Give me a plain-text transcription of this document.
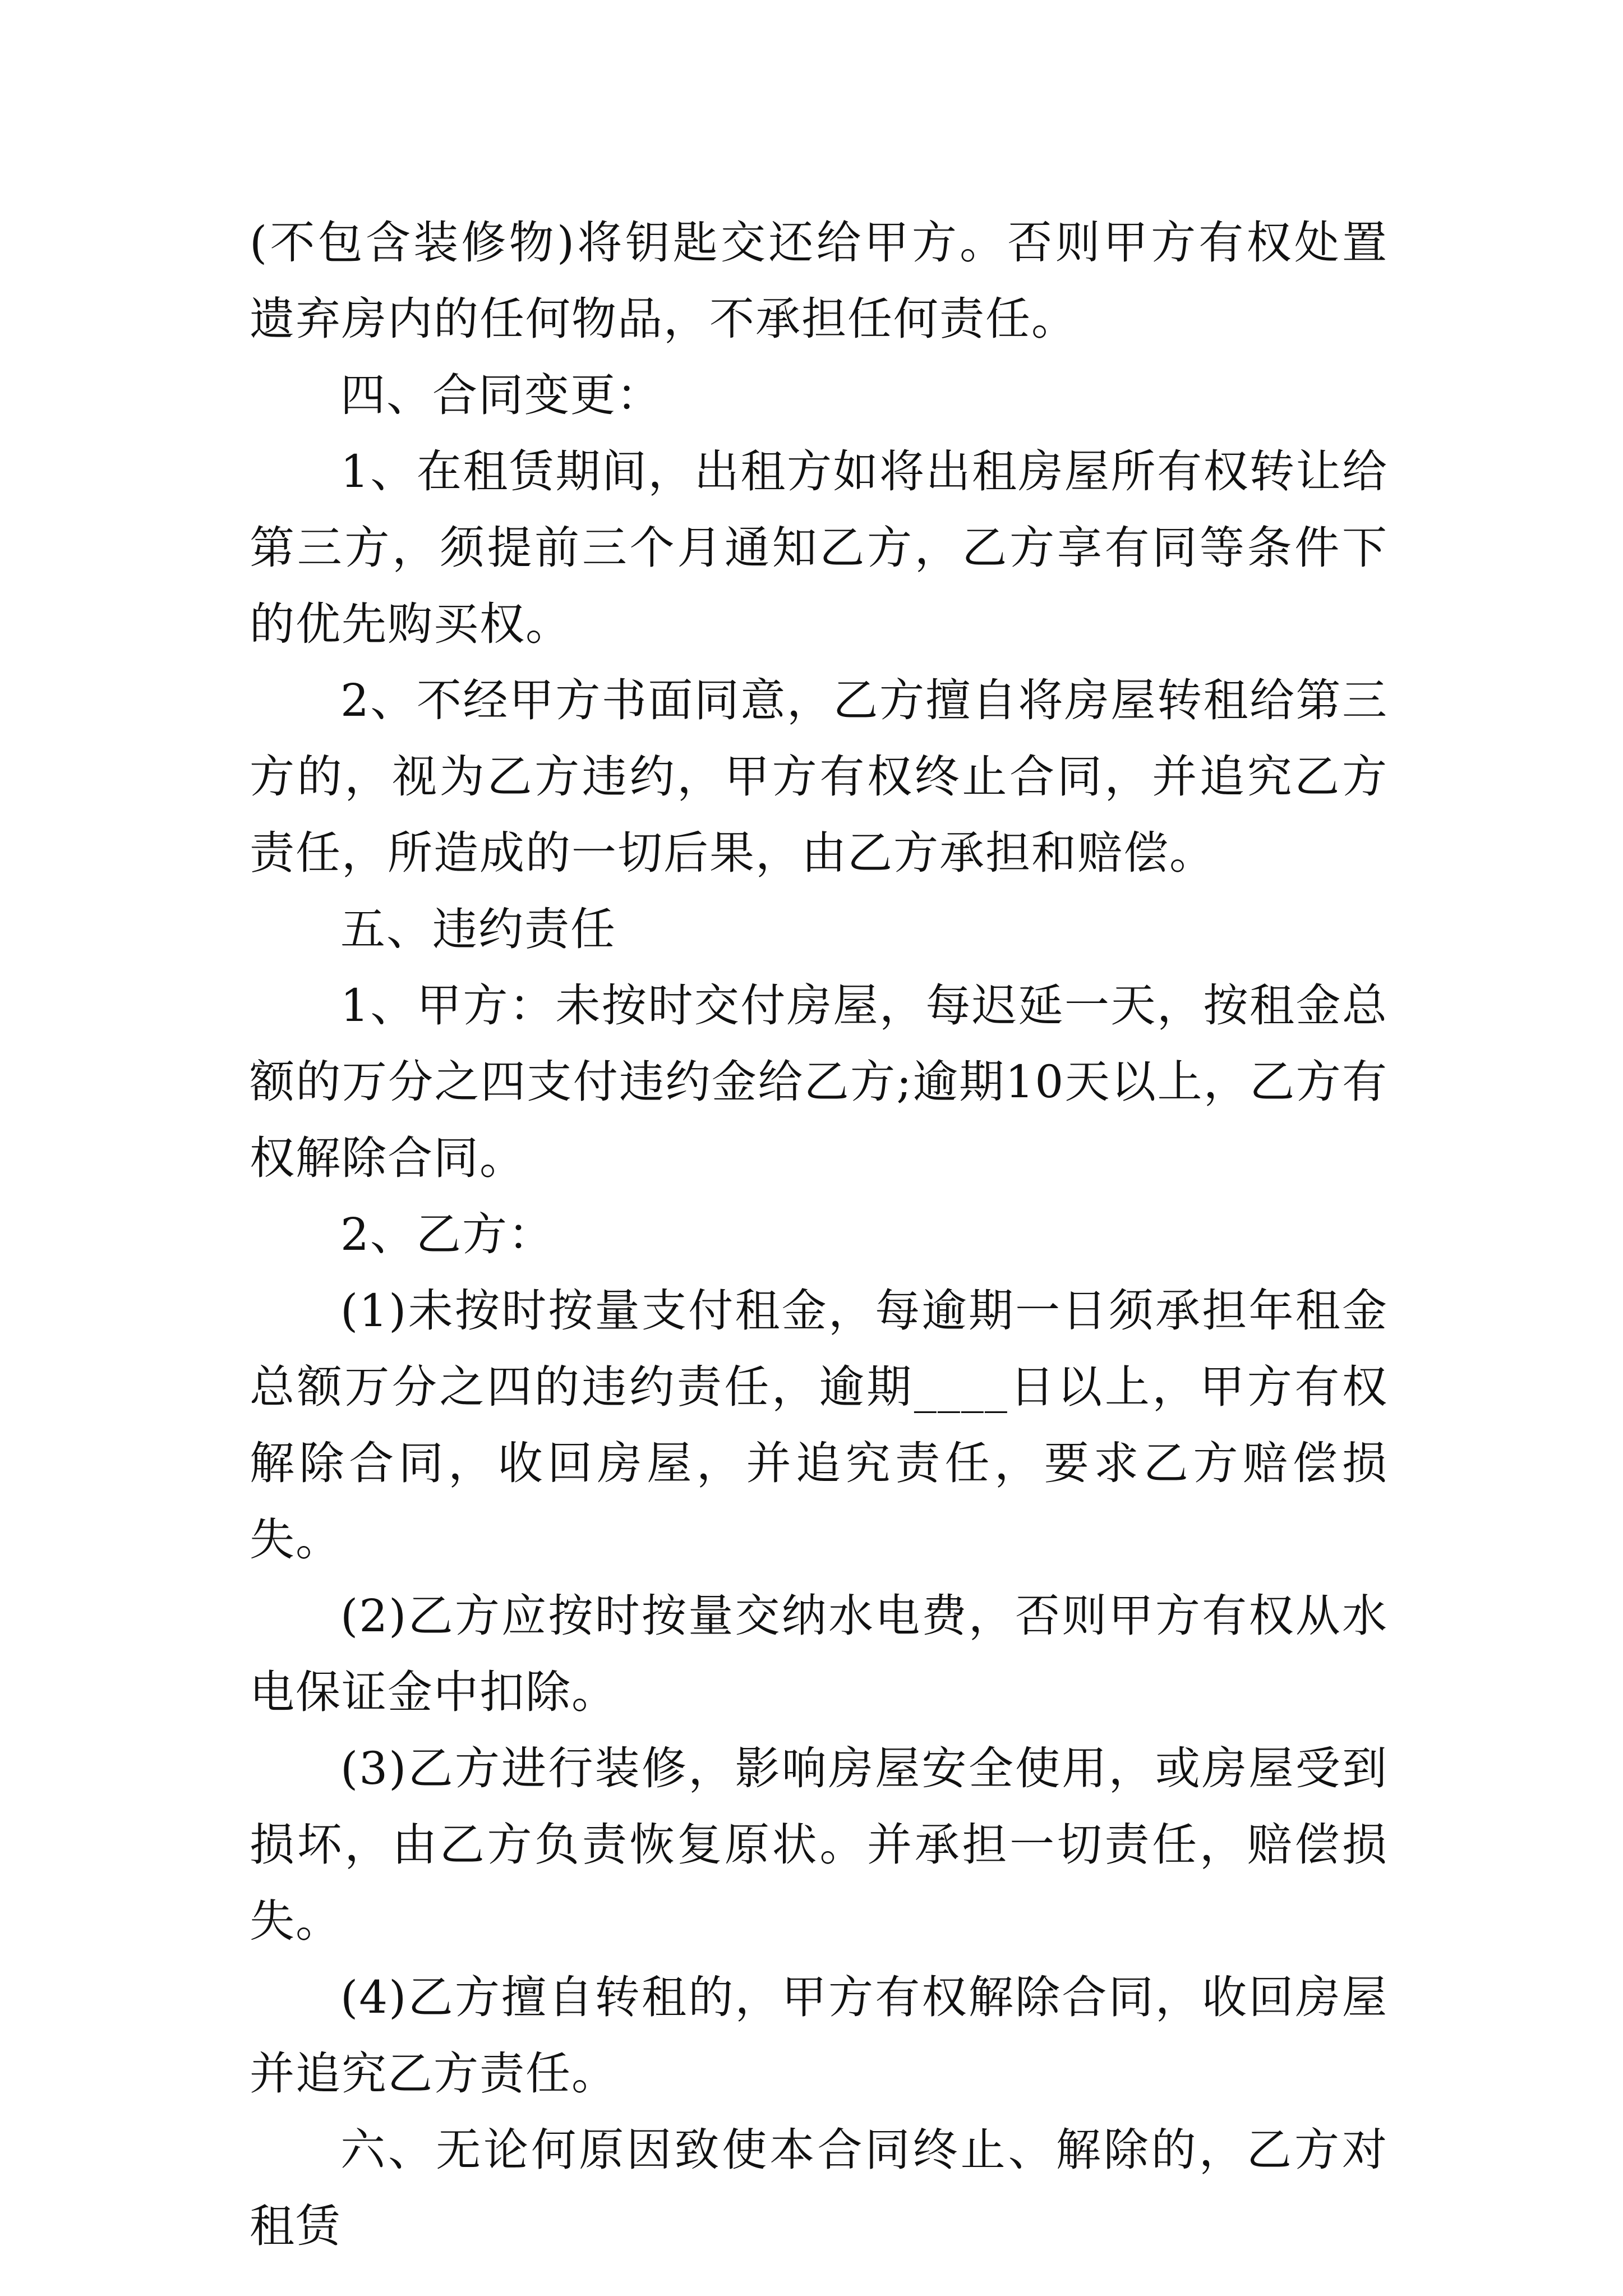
(不包含装修物)将钥匙交还给甲方。否则甲方有权处置遗弃房内的任何物品，不承担任何责任。

四、合同变更：

1、在租赁期间，出租方如将出租房屋所有权转让给第三方，须提前三个月通知乙方，乙方享有同等条件下的优先购买权。

2、不经甲方书面同意，乙方擅自将房屋转租给第三方的，视为乙方违约，甲方有权终止合同，并追究乙方责任，所造成的一切后果，由乙方承担和赔偿。

五、违约责任

1、甲方：未按时交付房屋，每迟延一天，按租金总额的万分之四支付违约金给乙方;逾期10天以上，乙方有权解除合同。

2、乙方：

(1)未按时按量支付租金，每逾期一日须承担年租金总额万分之四的违约责任，逾期____日以上，甲方有权解除合同，收回房屋，并追究责任，要求乙方赔偿损失。

(2)乙方应按时按量交纳水电费，否则甲方有权从水电保证金中扣除。

(3)乙方进行装修，影响房屋安全使用，或房屋受到损坏，由乙方负责恢复原状。并承担一切责任，赔偿损失。

(4)乙方擅自转租的，甲方有权解除合同，收回房屋并追究乙方责任。

六、无论何原因致使本合同终止、解除的，乙方对租赁
